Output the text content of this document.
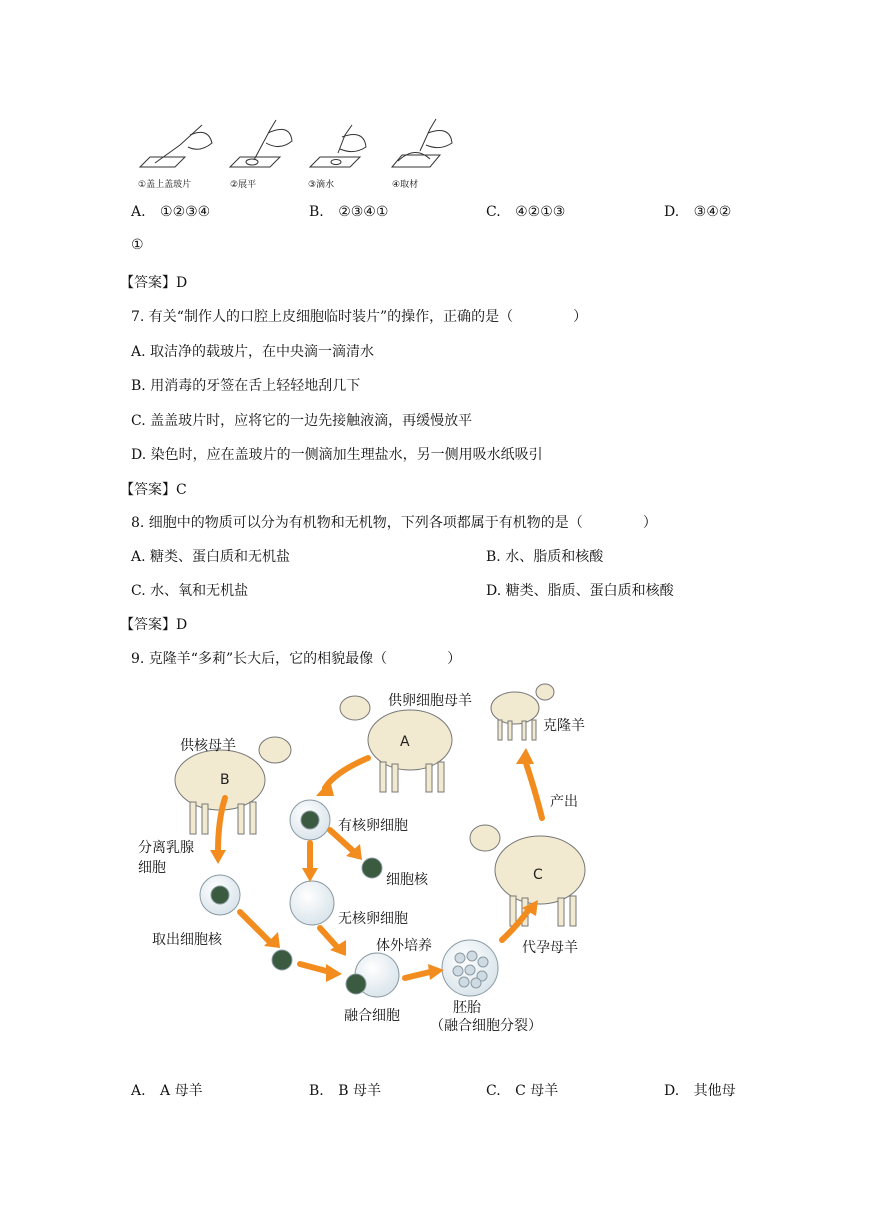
①盖上盖玻片	②展平	③滴水	④取材
A. ①②③④	B. ②③④①	C. ④②①③	D. ③④②
①
【答案】D
7. 有关“制作人的口腔上皮细胞临时装片”的操作，正确的是（	）
A. 取洁净的载玻片，在中央滴一滴清水
B. 用消毒的牙签在舌上轻轻地刮几下
C. 盖盖玻片时，应将它的一边先接触液滴，再缓慢放平
D. 染色时，应在盖玻片的一侧滴加生理盐水，另一侧用吸水纸吸引
【答案】C
8. 细胞中的物质可以分为有机物和无机物，下列各项都属于有机物的是（	）
A. 糖类、蛋白质和无机盐	B. 水、脂质和核酸
C. 水、氧和无机盐	D. 糖类、脂质、蛋白质和核酸
【答案】D
9. 克隆羊“多莉”长大后，它的相貌最像（	）
A
B
C
供卵细胞母羊
供核母羊
克隆羊
产出
有核卵细胞
细胞核
无核卵细胞
分离乳腺
细胞
取出细胞核	体外培养	代孕母羊
融合细胞	胚胎
（融合细胞分裂）
A. A 母羊	B. B 母羊	C. C 母羊	D. 其他母
